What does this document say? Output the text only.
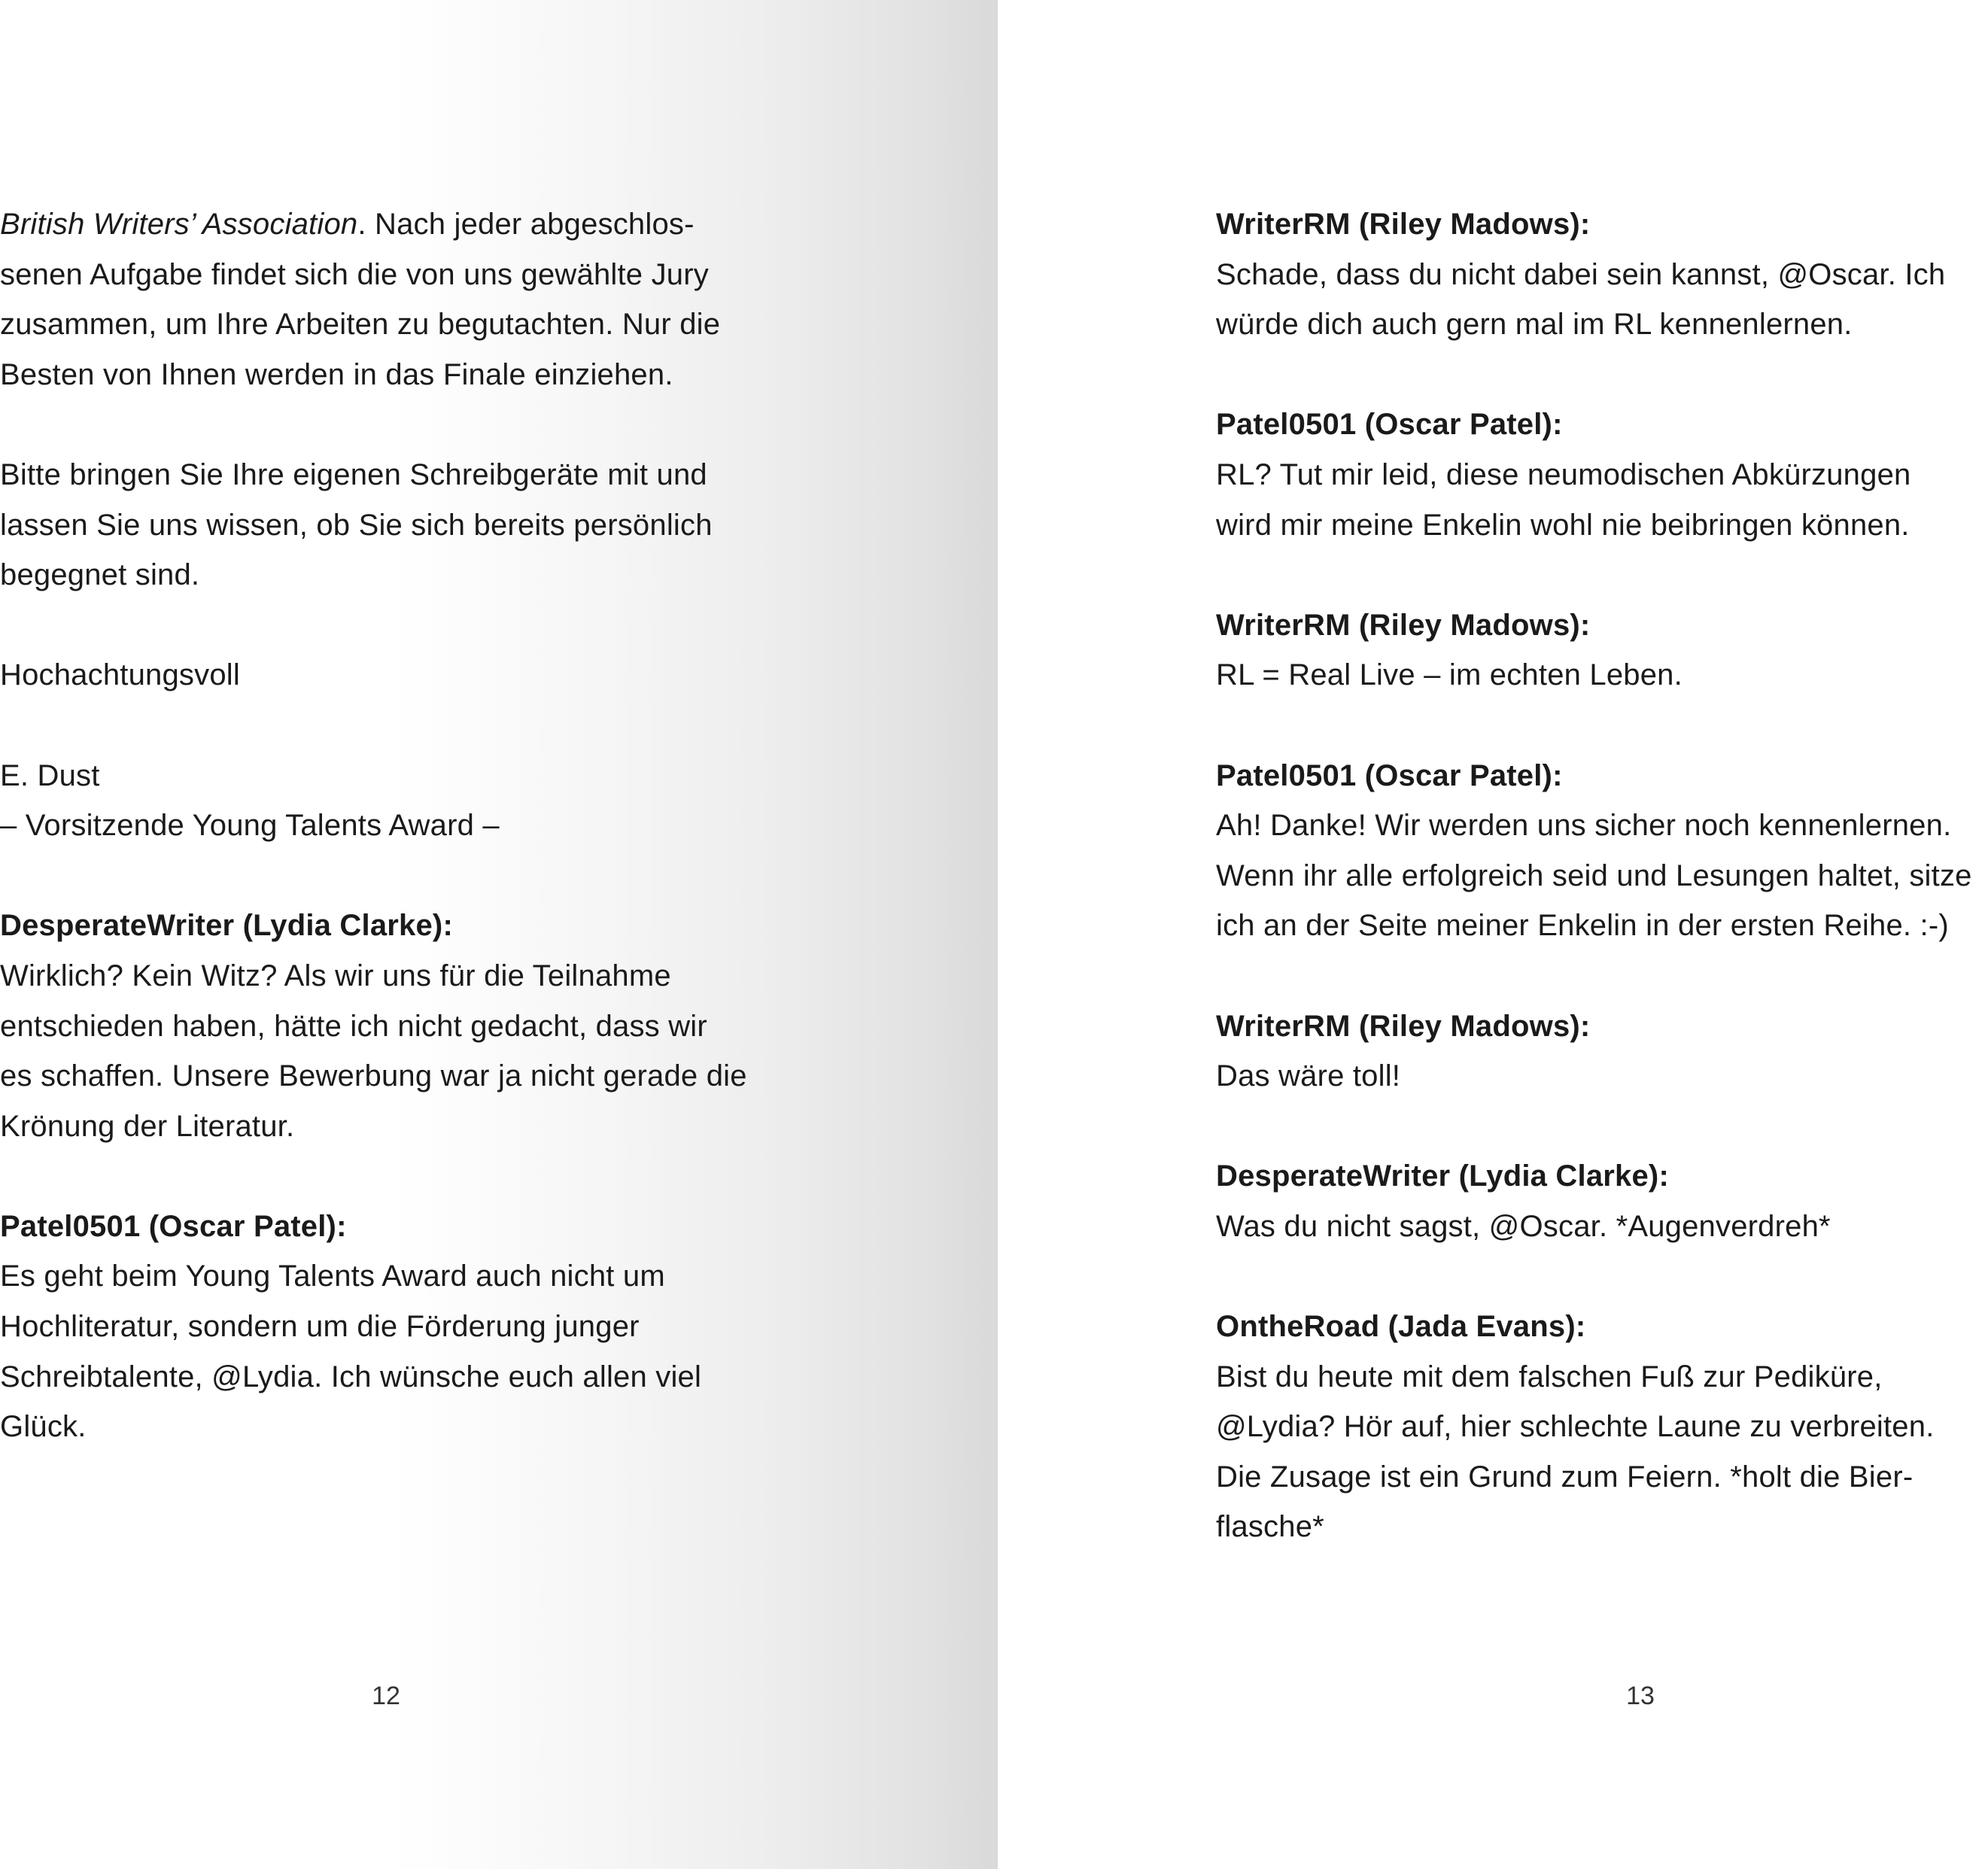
British Writers’ Association. Nach jeder abgeschlos-
senen Aufgabe findet sich die von uns gewählte Jury
zusammen, um Ihre Arbeiten zu begutachten. Nur die
Besten von Ihnen werden in das Finale einziehen.
Bitte bringen Sie Ihre eigenen Schreibgeräte mit und
lassen Sie uns wissen, ob Sie sich bereits persönlich
begegnet sind.
Hochachtungsvoll
E. Dust
– Vorsitzende Young Talents Award –
DesperateWriter (Lydia Clarke):
Wirklich? Kein Witz? Als wir uns für die Teilnahme
entschieden haben, hätte ich nicht gedacht, dass wir
es schaffen. Unsere Bewerbung war ja nicht gerade die
Krönung der Literatur.
Patel0501 (Oscar Patel):
Es geht beim Young Talents Award auch nicht um
Hochliteratur, sondern um die Förderung junger
Schreibtalente, @Lydia. Ich wünsche euch allen viel
Glück.
12
WriterRM (Riley Madows):
Schade, dass du nicht dabei sein kannst, @Oscar. Ich
würde dich auch gern mal im RL kennenlernen.
Patel0501 (Oscar Patel):
RL? Tut mir leid, diese neumodischen Abkürzungen
wird mir meine Enkelin wohl nie beibringen können.
WriterRM (Riley Madows):
RL = Real Live – im echten Leben.
Patel0501 (Oscar Patel):
Ah! Danke! Wir werden uns sicher noch kennenlernen.
Wenn ihr alle erfolgreich seid und Lesungen haltet, sitze
ich an der Seite meiner Enkelin in der ersten Reihe. :-)
WriterRM (Riley Madows):
Das wäre toll!
DesperateWriter (Lydia Clarke):
Was du nicht sagst, @Oscar. *Augenverdreh*
OntheRoad (Jada Evans):
Bist du heute mit dem falschen Fuß zur Pediküre,
@Lydia? Hör auf, hier schlechte Laune zu verbreiten.
Die Zusage ist ein Grund zum Feiern. *holt die Bier-
flasche*
13
